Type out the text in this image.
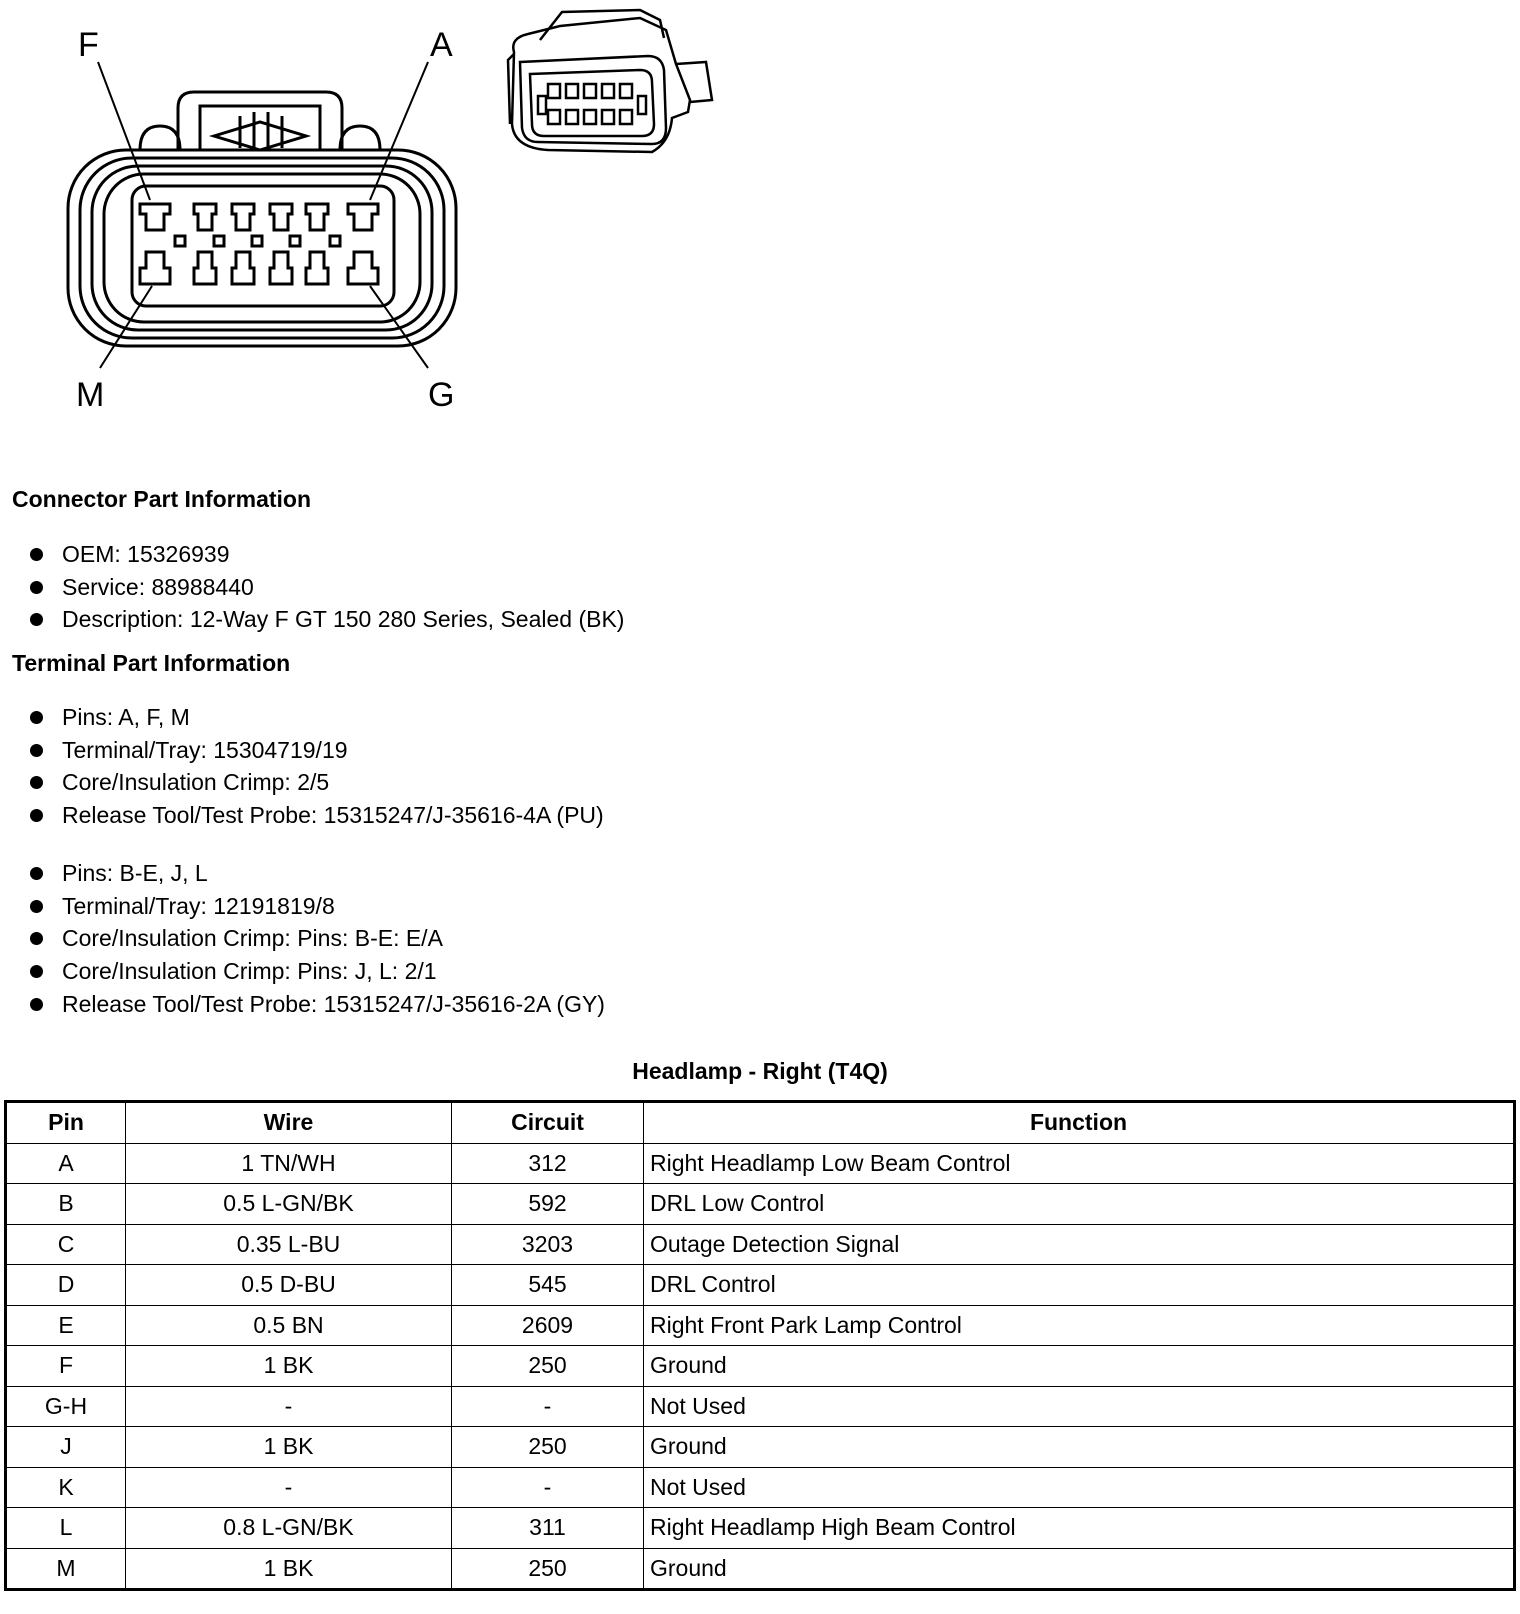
F	A
M	G
Connector Part Information
OEM: 15326939
Service: 88988440
Description: 12-Way F GT 150 280 Series, Sealed (BK)
Terminal Part Information
Pins: A, F, M
Terminal/Tray: 15304719/19
Core/Insulation Crimp: 2/5
Release Tool/Test Probe: 15315247/J-35616-4A (PU)
Pins: B-E, J, L
Terminal/Tray: 12191819/8
Core/Insulation Crimp: Pins: B-E: E/A
Core/Insulation Crimp: Pins: J, L: 2/1
Release Tool/Test Probe: 15315247/J-35616-2A (GY)
Headlamp - Right (T4Q)
Pin	Wire	Circuit	Function
A	1 TN/WH	312	Right Headlamp Low Beam Control
B	0.5 L-GN/BK	592	DRL Low Control
C	0.35 L-BU	3203	Outage Detection Signal
D	0.5 D-BU	545	DRL Control
E	0.5 BN	2609	Right Front Park Lamp Control
F	1 BK	250	Ground
G-H	-	-	Not Used
J	1 BK	250	Ground
K	-	-	Not Used
L	0.8 L-GN/BK	311	Right Headlamp High Beam Control
M	1 BK	250	Ground
